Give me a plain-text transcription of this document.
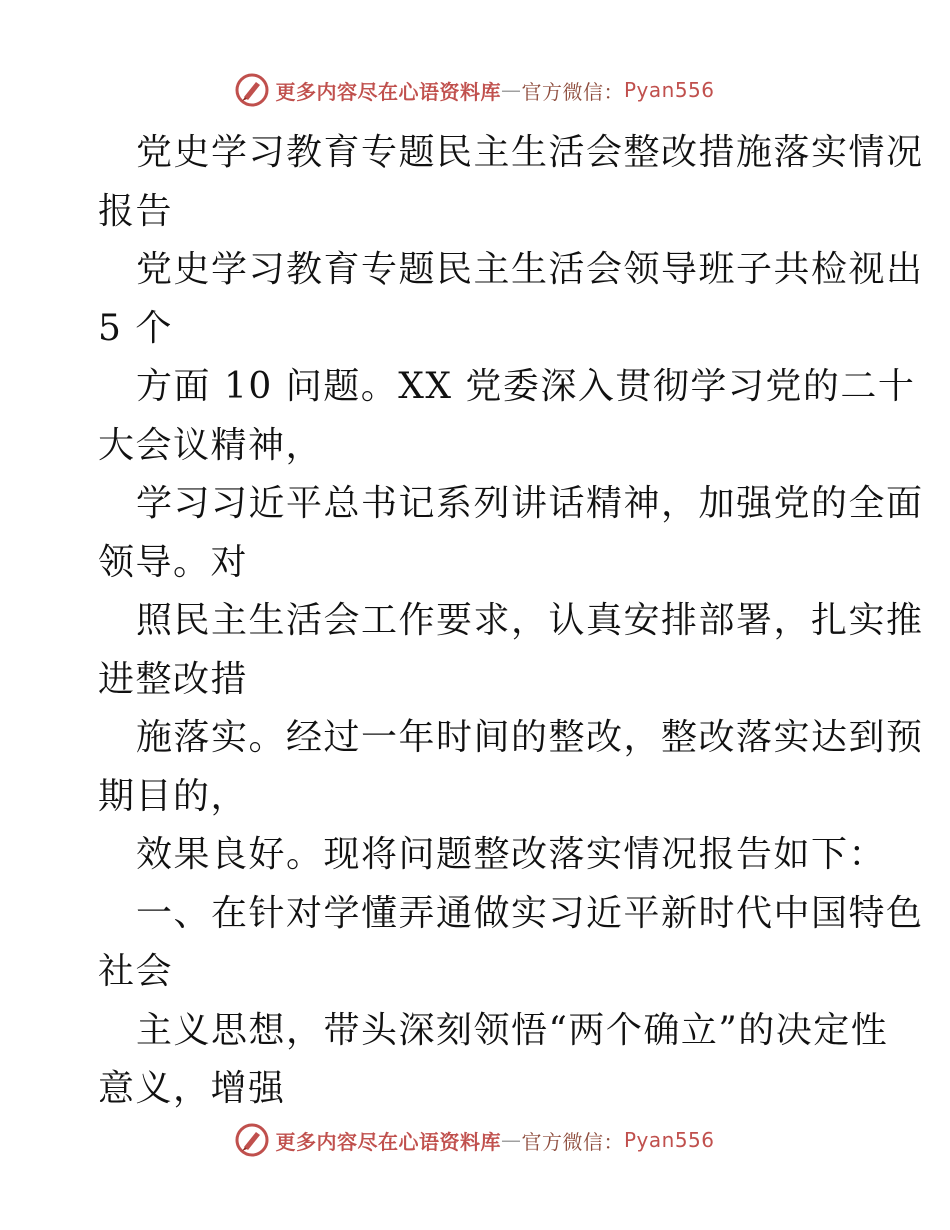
更多内容尽在心语资料库 — 官方微信： Pyan556
党史学习教育专题民主生活会整改措施落实情况
报告
党史学习教育专题民主生活会领导班子共检视出
5 个
方面 10 问题。XX 党委深入贯彻学习党的二十
大会议精神，
学习习近平总书记系列讲话精神，加强党的全面
领导。对
照民主生活会工作要求，认真安排部署，扎实推
进整改措
施落实。经过一年时间的整改，整改落实达到预
期目的，
效果良好。现将问题整改落实情况报告如下：
一、在针对学懂弄通做实习近平新时代中国特色
社会
主义思想，带头深刻领悟“两个确立”的决定性
意义，增强
更多内容尽在心语资料库 — 官方微信： Pyan556
